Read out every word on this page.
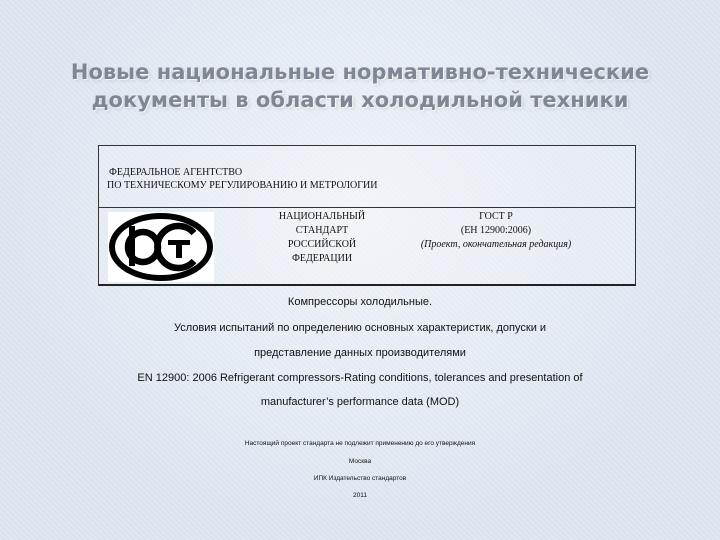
Новые национальные нормативно-технические
документы в области холодильной техники
ФЕДЕРАЛЬНОЕ АГЕНТСТВО
ПО ТЕХНИЧЕСКОМУ РЕГУЛИРОВАНИЮ И МЕТРОЛОГИИ
НАЦИОНАЛЬНЫЙ
СТАНДАРТ
РОССИЙСКОЙ
ФЕДЕРАЦИИ
ГОСТ Р
(ЕН 12900:2006)
(Проект, окончательная редакция)
Компрессоры холодильные.
Условия испытаний по определению основных характеристик, допуски и
представление данных производителями
EN 12900: 2006 Refrigerant compressors-Rating conditions, tolerances and presentation of
manufacturer’s performance data (MOD)
Настоящий проект стандарта не подлежит применению до его утверждения
Москва
ИПК Издательство стандартов
2011
